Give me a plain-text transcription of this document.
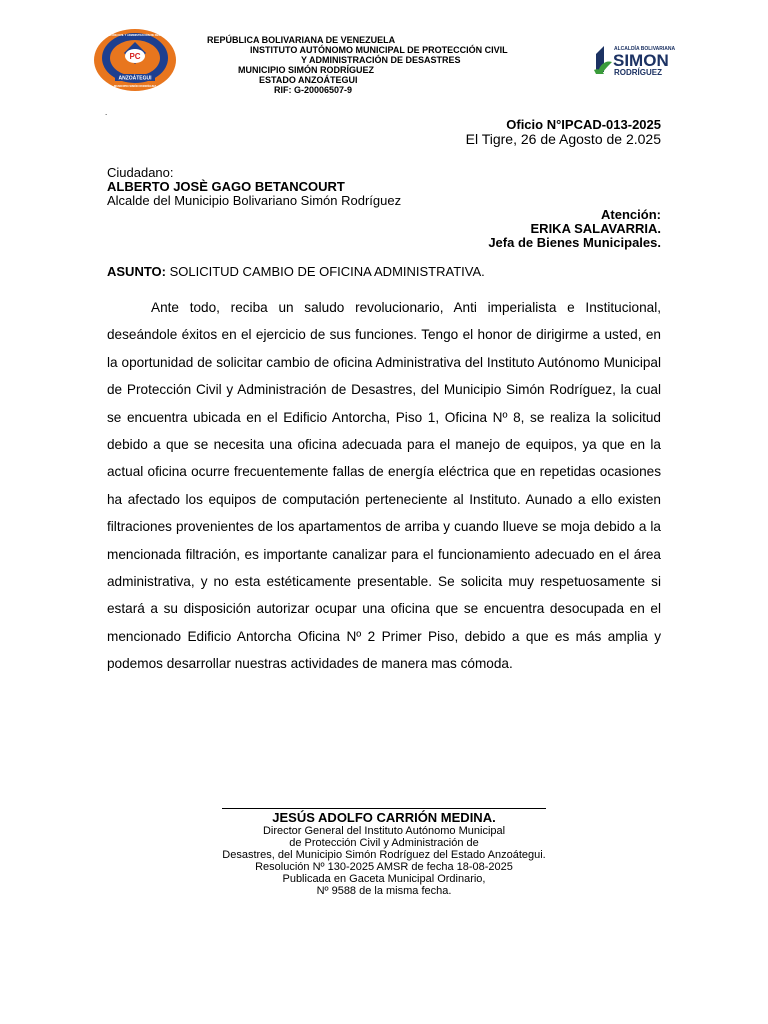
PC
ANZOÁTEGUI
MUNICIPIO SIMÓN RODRÍGUEZ
PROTECCIÓN CIVIL Y ADMINISTRACIÓN DE DESASTRES	REPÚBLICA BOLIVARIANA DE VENEZUELA
INSTITUTO AUTÓNOMO MUNICIPAL DE PROTECCIÓN CIVIL
Y ADMINISTRACIÓN DE DESASTRES
MUNICIPIO SIMÓN RODRÍGUEZ
ESTADO ANZOÁTEGUI
RIF: G-20006507-9
ALCALDÍA BOLIVARIANA
SIMON
RODRÍGUEZ
.
Oficio N°IPCAD-013-2025
El Tigre, 26 de Agosto de 2.025
Ciudadano:
ALBERTO JOSÈ GAGO BETANCOURT
Alcalde del Municipio Bolivariano Simón Rodríguez
Atención:
ERIKA SALAVARRIA.
Jefa de Bienes Municipales.
ASUNTO: SOLICITUD CAMBIO DE OFICINA ADMINISTRATIVA.

Ante todo, reciba un saludo revolucionario, Anti imperialista e Institucional, deseándole éxitos en el ejercicio de sus funciones. Tengo el honor de dirigirme a usted, en la oportunidad de solicitar cambio de oficina Administrativa del Instituto Autónomo Municipal de Protección Civil y Administración de Desastres, del Municipio Simón Rodríguez, la cual se encuentra ubicada en el Edificio Antorcha, Piso 1, Oficina Nº 8, se realiza la solicitud debido a que se necesita una oficina adecuada para el manejo de equipos, ya que en la actual oficina ocurre frecuentemente fallas de energía eléctrica que en repetidas ocasiones ha afectado los equipos de computación perteneciente al Instituto. Aunado a ello existen filtraciones provenientes de los apartamentos de arriba y cuando llueve se moja debido a la mencionada filtración, es importante canalizar para el funcionamiento adecuado en el área administrativa, y no esta estéticamente presentable. Se solicita muy respetuosamente si estará a su disposición autorizar ocupar una oficina que se encuentra desocupada en el mencionado Edificio Antorcha Oficina Nº 2 Primer Piso, debido a que es más amplia y podemos desarrollar nuestras actividades de manera mas cómoda.

JESÚS ADOLFO CARRIÓN MEDINA.
Director General del Instituto Autónomo Municipal
de Protección Civil y Administración de
Desastres, del Municipio Simón Rodríguez del Estado Anzoátegui.
Resolución Nº 130-2025 AMSR de fecha 18-08-2025
Publicada en Gaceta Municipal Ordinario,
Nº 9588 de la misma fecha.
